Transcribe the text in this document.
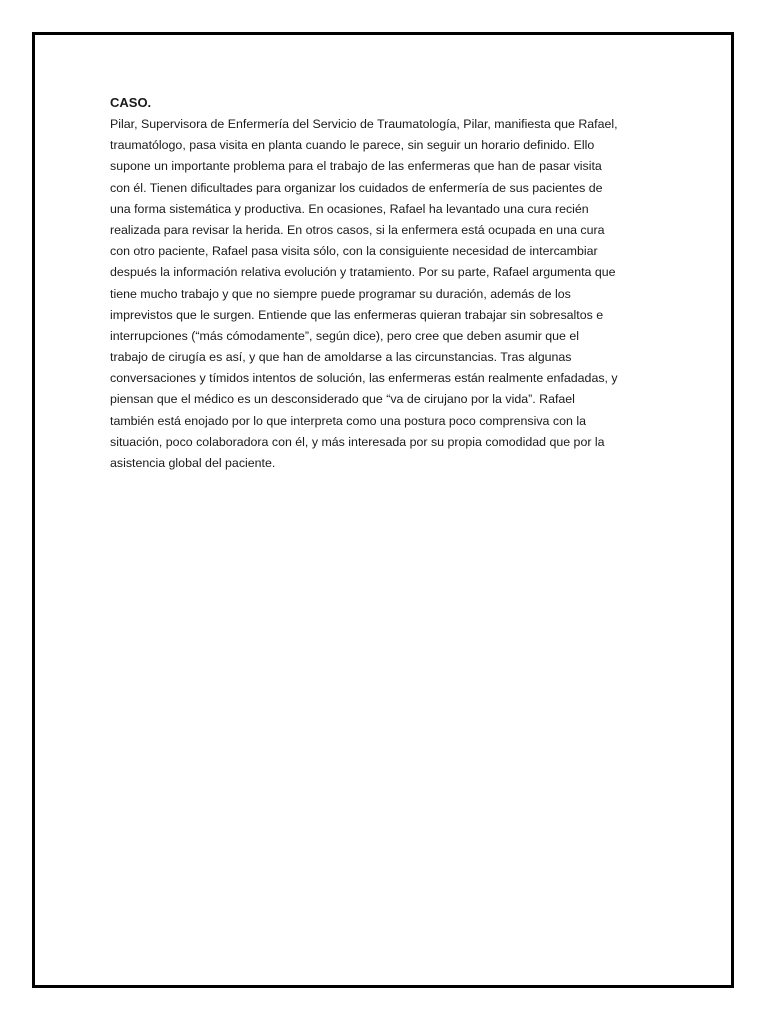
CASO.
Pilar, Supervisora de Enfermería del Servicio de Traumatología, Pilar, manifiesta que Rafael,
traumatólogo, pasa visita en planta cuando le parece, sin seguir un horario definido. Ello
supone un importante problema para el trabajo de las enfermeras que han de pasar visita
con él. Tienen dificultades para organizar los cuidados de enfermería de sus pacientes de
una forma sistemática y productiva. En ocasiones, Rafael ha levantado una cura recién
realizada para revisar la herida. En otros casos, si la enfermera está ocupada en una cura
con otro paciente, Rafael pasa visita sólo, con la consiguiente necesidad de intercambiar
después la información relativa evolución y tratamiento. Por su parte, Rafael argumenta que
tiene mucho trabajo y que no siempre puede programar su duración, además de los
imprevistos que le surgen. Entiende que las enfermeras quieran trabajar sin sobresaltos e
interrupciones (“más cómodamente”, según dice), pero cree que deben asumir que el
trabajo de cirugía es así, y que han de amoldarse a las circunstancias. Tras algunas
conversaciones y tímidos intentos de solución, las enfermeras están realmente enfadadas, y
piensan que el médico es un desconsiderado que “va de cirujano por la vida”. Rafael
también está enojado por lo que interpreta como una postura poco comprensiva con la
situación, poco colaboradora con él, y más interesada por su propia comodidad que por la
asistencia global del paciente.
